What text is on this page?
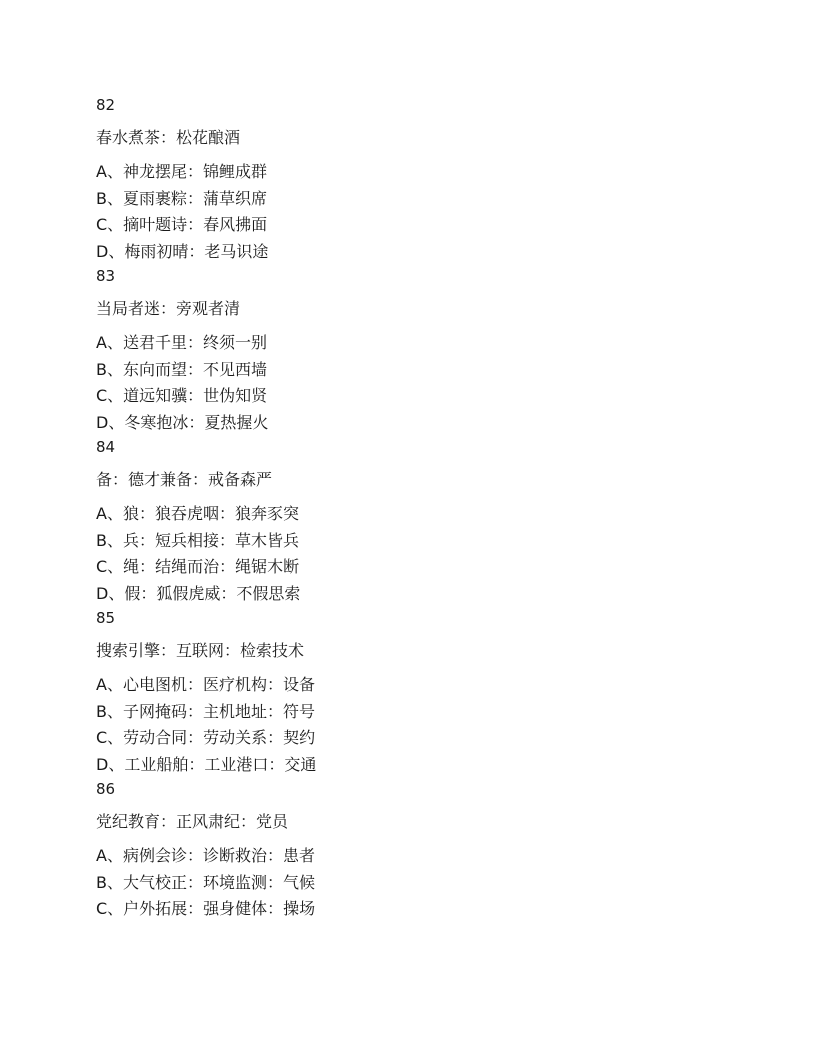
82
春水煮茶：松花酿酒
A、神龙摆尾：锦鲤成群
B、夏雨裹粽：蒲草织席
C、摘叶题诗：春风拂面
D、梅雨初晴：老马识途
83
当局者迷：旁观者清
A、送君千里：终须一别
B、东向而望：不见西墙
C、道远知骥：世伪知贤
D、冬寒抱冰：夏热握火
84
备：德才兼备：戒备森严
A、狼：狼吞虎咽：狼奔豕突
B、兵：短兵相接：草木皆兵
C、绳：结绳而治：绳锯木断
D、假：狐假虎威：不假思索
85
搜索引擎：互联网：检索技术
A、心电图机：医疗机构：设备
B、子网掩码：主机地址：符号
C、劳动合同：劳动关系：契约
D、工业船舶：工业港口：交通
86
党纪教育：正风肃纪：党员
A、病例会诊：诊断救治：患者
B、大气校正：环境监测：气候
C、户外拓展：强身健体：操场
